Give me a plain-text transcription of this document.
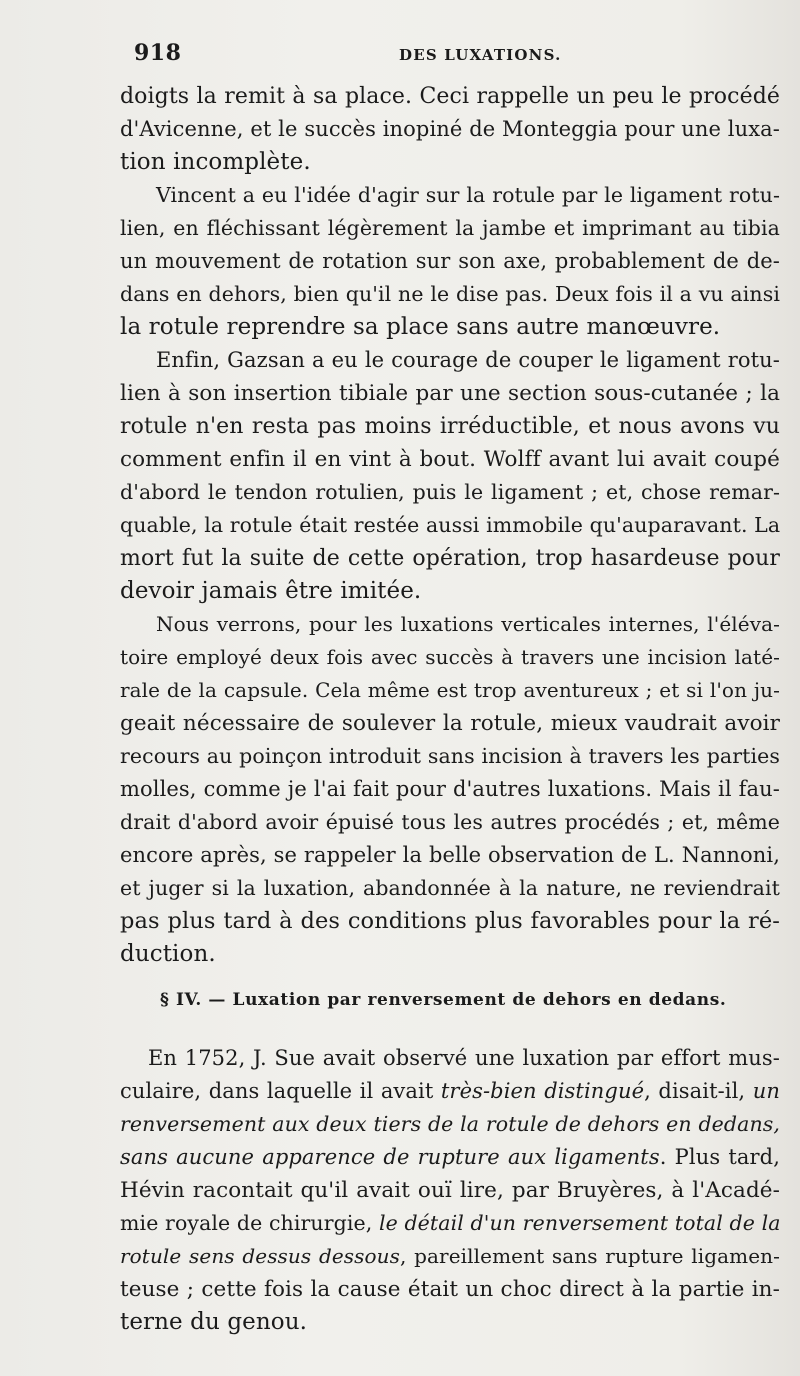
918	DES LUXATIONS.
doigts la remit à sa place. Ceci rappelle un peu le procédé
d'Avicenne, et le succès inopiné de Monteggia pour une luxa-
tion incomplète.
Vincent a eu l'idée d'agir sur la rotule par le ligament rotu-
lien, en fléchissant légèrement la jambe et imprimant au tibia
un mouvement de rotation sur son axe, probablement de de-
dans en dehors, bien qu'il ne le dise pas. Deux fois il a vu ainsi
la rotule reprendre sa place sans autre manœuvre.
Enfin, Gazsan a eu le courage de couper le ligament rotu-
lien à son insertion tibiale par une section sous-cutanée ; la
rotule n'en resta pas moins irréductible, et nous avons vu
comment enfin il en vint à bout. Wolff avant lui avait coupé
d'abord le tendon rotulien, puis le ligament ; et, chose remar-
quable, la rotule était restée aussi immobile qu'auparavant. La
mort fut la suite de cette opération, trop hasardeuse pour
devoir jamais être imitée.
Nous verrons, pour les luxations verticales internes, l'éléva-
toire employé deux fois avec succès à travers une incision laté-
rale de la capsule. Cela même est trop aventureux ; et si l'on ju-
geait nécessaire de soulever la rotule, mieux vaudrait avoir
recours au poinçon introduit sans incision à travers les parties
molles, comme je l'ai fait pour d'autres luxations. Mais il fau-
drait d'abord avoir épuisé tous les autres procédés ; et, même
encore après, se rappeler la belle observation de L. Nannoni,
et juger si la luxation, abandonnée à la nature, ne reviendrait
pas plus tard à des conditions plus favorables pour la ré-
duction.
§ IV. — Luxation par renversement de dehors en dedans.
En 1752, J. Sue avait observé une luxation par effort mus-
culaire, dans laquelle il avait très-bien distingué, disait-il, un
renversement aux deux tiers de la rotule de dehors en dedans,
sans aucune apparence de rupture aux ligaments. Plus tard,
Hévin racontait qu'il avait ouï lire, par Bruyères, à l'Acadé-
mie royale de chirurgie, le détail d'un renversement total de la
rotule sens dessus dessous, pareillement sans rupture ligamen-
teuse ; cette fois la cause était un choc direct à la partie in-
terne du genou.
